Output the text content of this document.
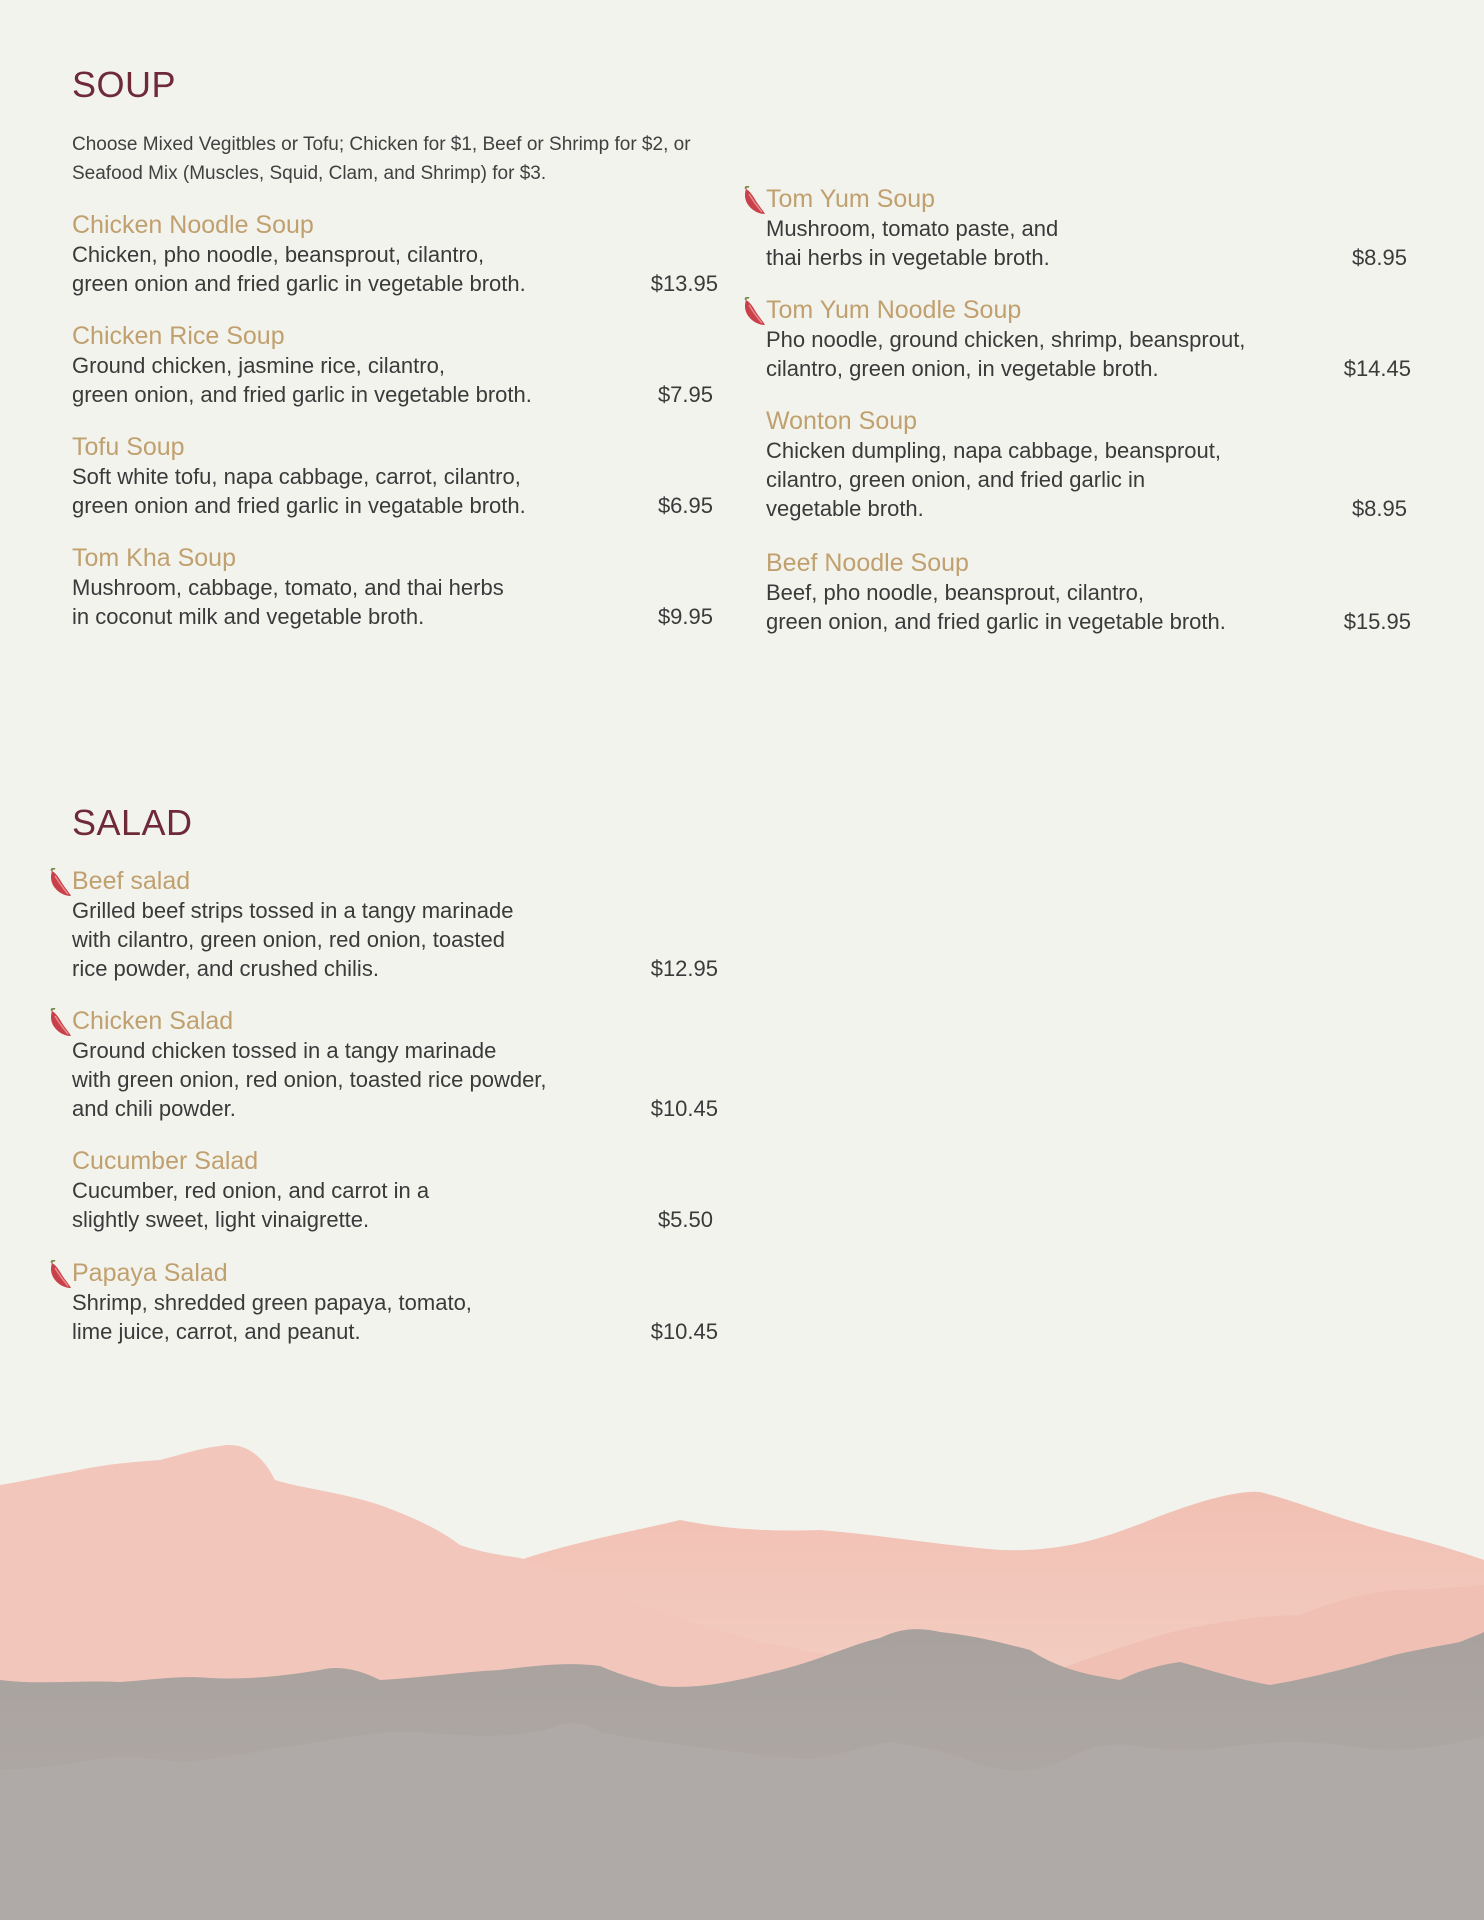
SOUP
Choose Mixed Vegitbles or Tofu; Chicken for $1, Beef or Shrimp for $2, or Seafood Mix (Muscles, Squid, Clam, and Shrimp) for $3.
Chicken Noodle Soup
Chicken, pho noodle, beansprout, cilantro,
green onion and fried garlic in vegetable broth.	$13.95
Chicken Rice Soup
Ground chicken, jasmine rice, cilantro,
green onion, and fried garlic in vegetable broth.	$7.95
Tofu Soup
Soft white tofu, napa cabbage, carrot, cilantro,
green onion and fried garlic in vegatable broth.	$6.95
Tom Kha Soup
Mushroom, cabbage, tomato, and thai herbs
in coconut milk and vegetable broth.	$9.95
Tom Yum Soup
Mushroom, tomato paste, and
thai herbs in vegetable broth.	$8.95
Tom Yum Noodle Soup
Pho noodle, ground chicken, shrimp, beansprout,
cilantro, green onion, in vegetable broth.	$14.45
Wonton Soup
Chicken dumpling, napa cabbage, beansprout,
cilantro, green onion, and fried garlic in
vegetable broth.	$8.95
Beef Noodle Soup
Beef, pho noodle, beansprout, cilantro,
green onion, and fried garlic in vegetable broth.	$15.95
SALAD
Beef salad
Grilled beef strips tossed in a tangy marinade
with cilantro, green onion, red onion, toasted
rice powder, and crushed chilis.	$12.95
Chicken Salad
Ground chicken tossed in a tangy marinade
with green onion, red onion, toasted rice powder,
and chili powder.	$10.45
Cucumber Salad
Cucumber, red onion, and carrot in a
slightly sweet, light vinaigrette.	$5.50
Papaya Salad
Shrimp, shredded green papaya, tomato,
lime juice, carrot, and peanut.	$10.45
